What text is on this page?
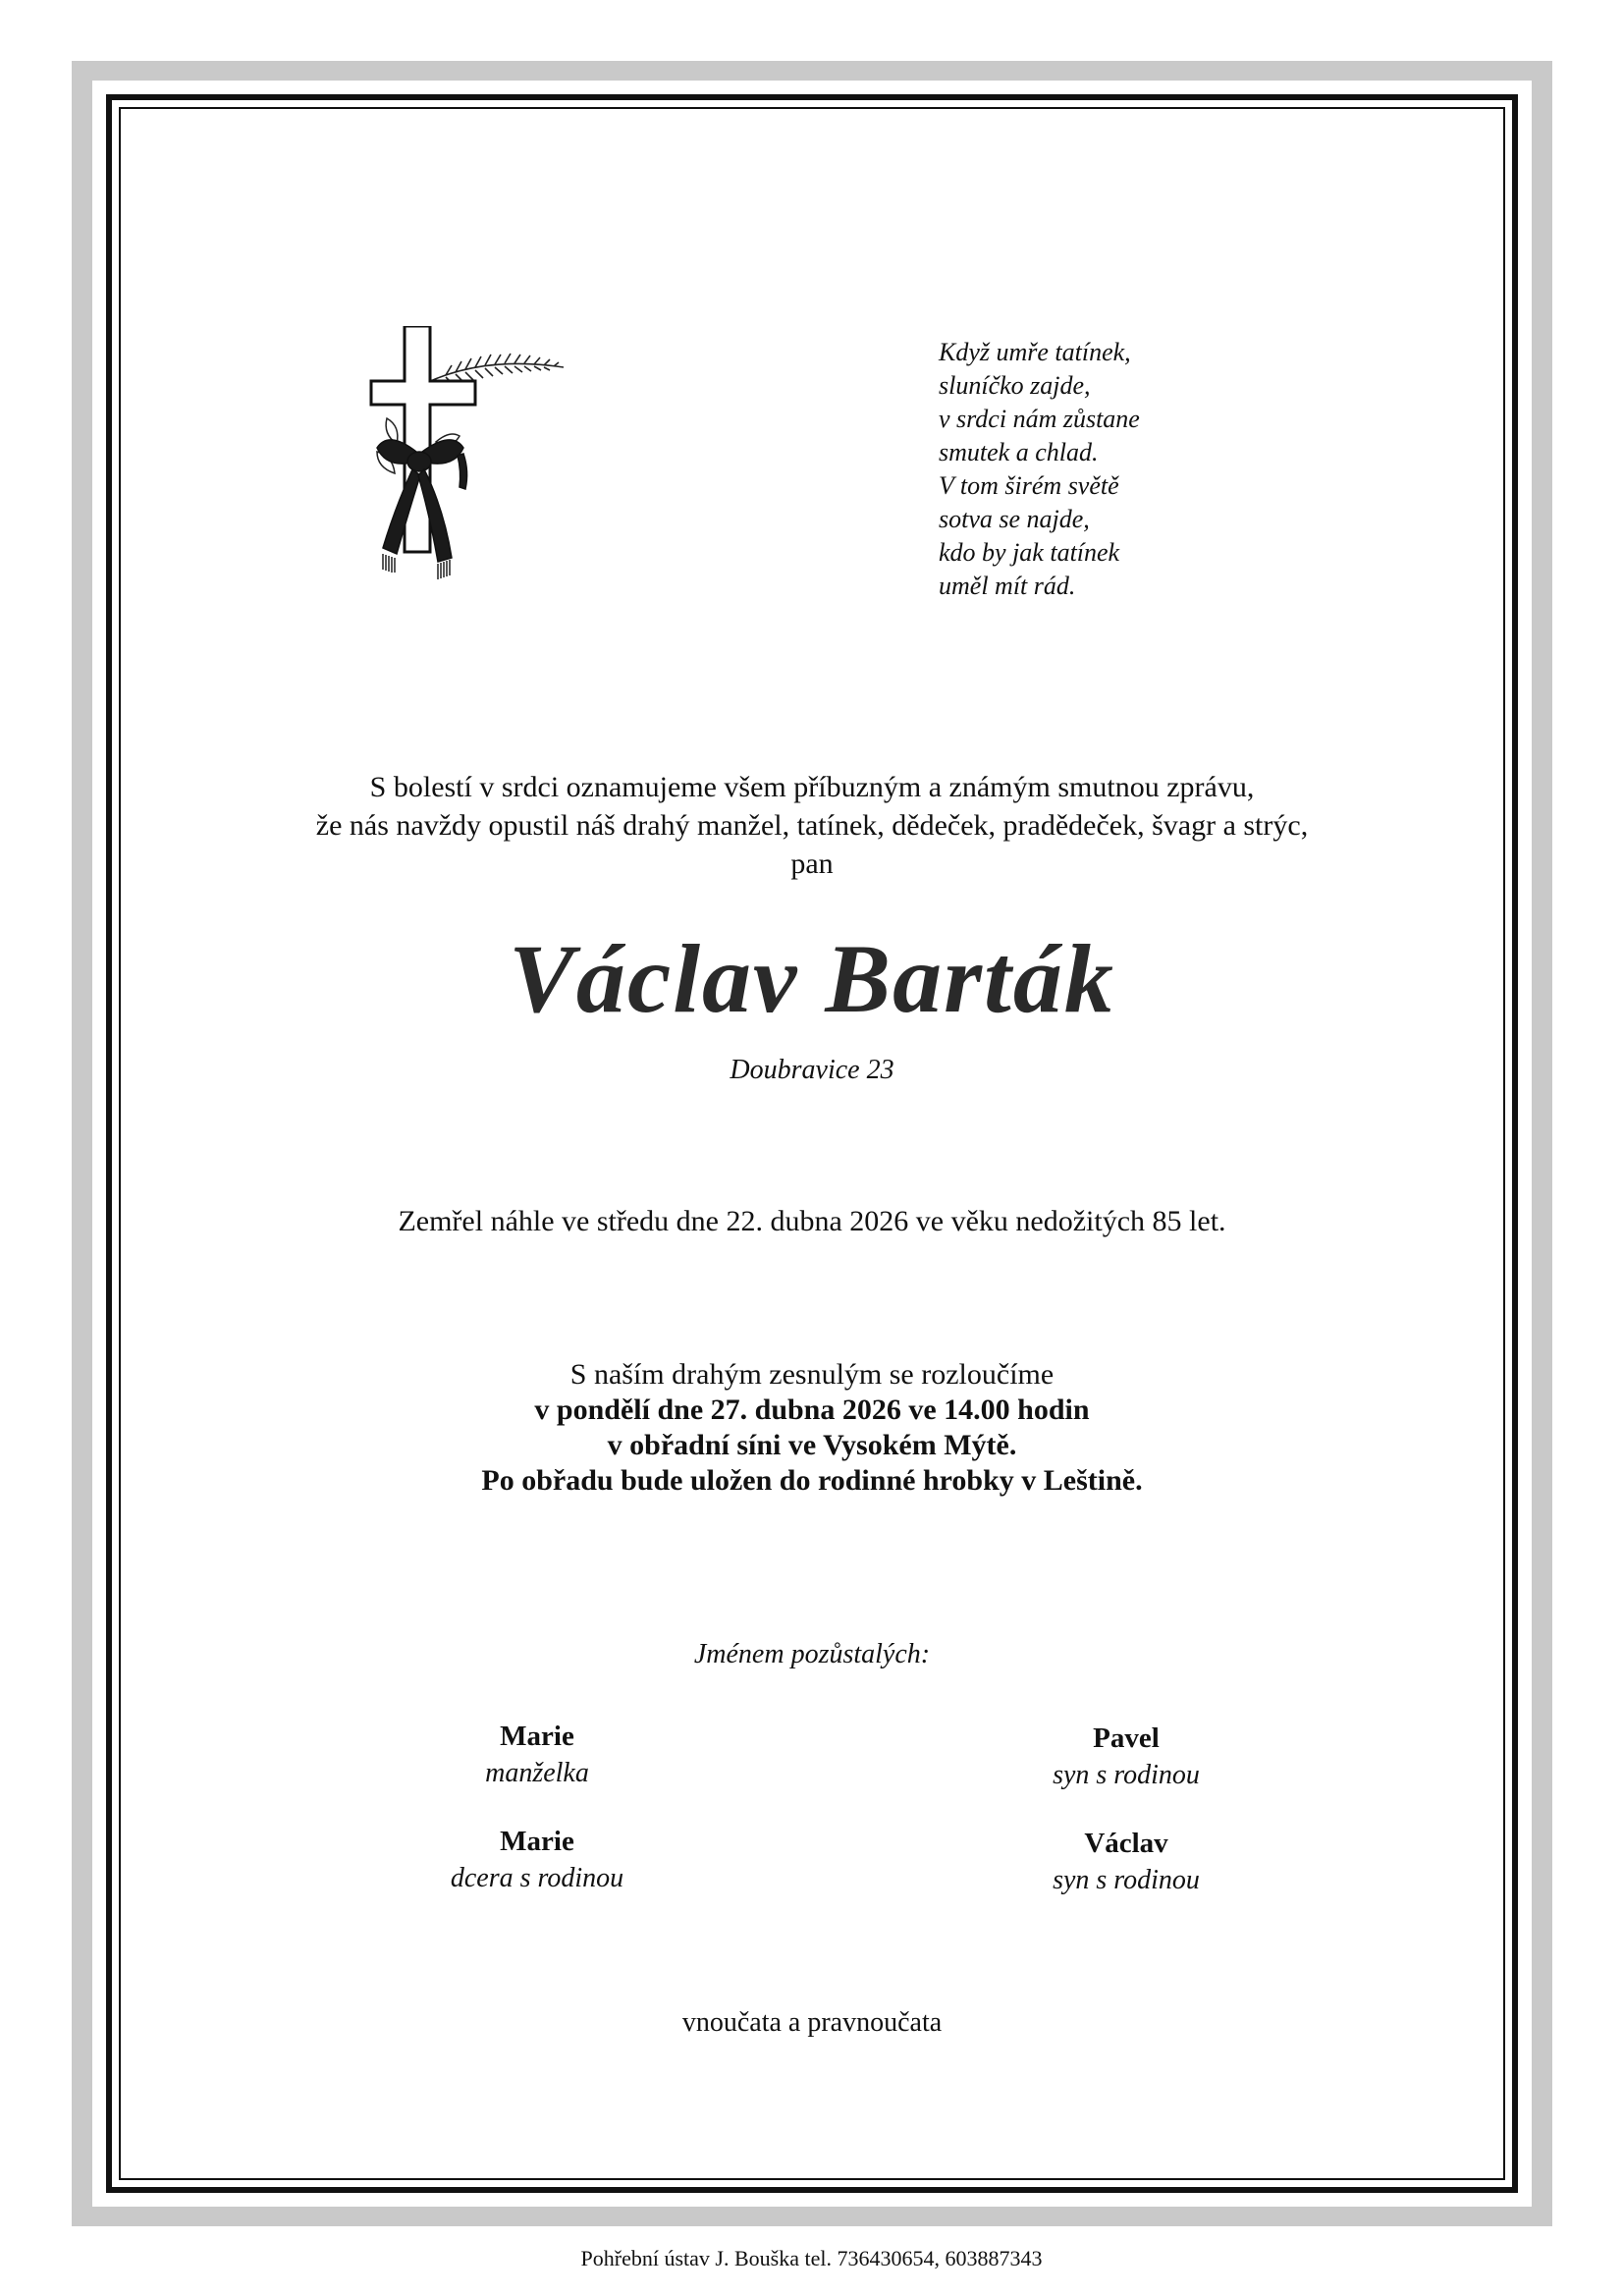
Když umře tatínek,
sluníčko zajde,
v srdci nám zůstane
smutek a chlad.
V tom širém světě
sotva se najde,
kdo by jak tatínek
uměl mít rád.
S bolestí v srdci oznamujeme všem příbuzným a známým smutnou zprávu,
že nás navždy opustil náš drahý manžel, tatínek, dědeček, pradědeček, švagr a strýc,
pan
Václav Barták
Doubravice 23
Zemřel náhle ve středu dne 22. dubna 2026 ve věku nedožitých 85 let.
S naším drahým zesnulým se rozloučíme
v pondělí dne 27. dubna 2026 ve 14.00 hodin
v obřadní síni ve Vysokém Mýtě.
Po obřadu bude uložen do rodinné hrobky v Leštině.
Jménem pozůstalých:
Marie
manželka
Pavel
syn s rodinou
Marie
dcera s rodinou
Václav
syn s rodinou
vnoučata a pravnoučata
Pohřební ústav J. Bouška tel. 736430654, 603887343
